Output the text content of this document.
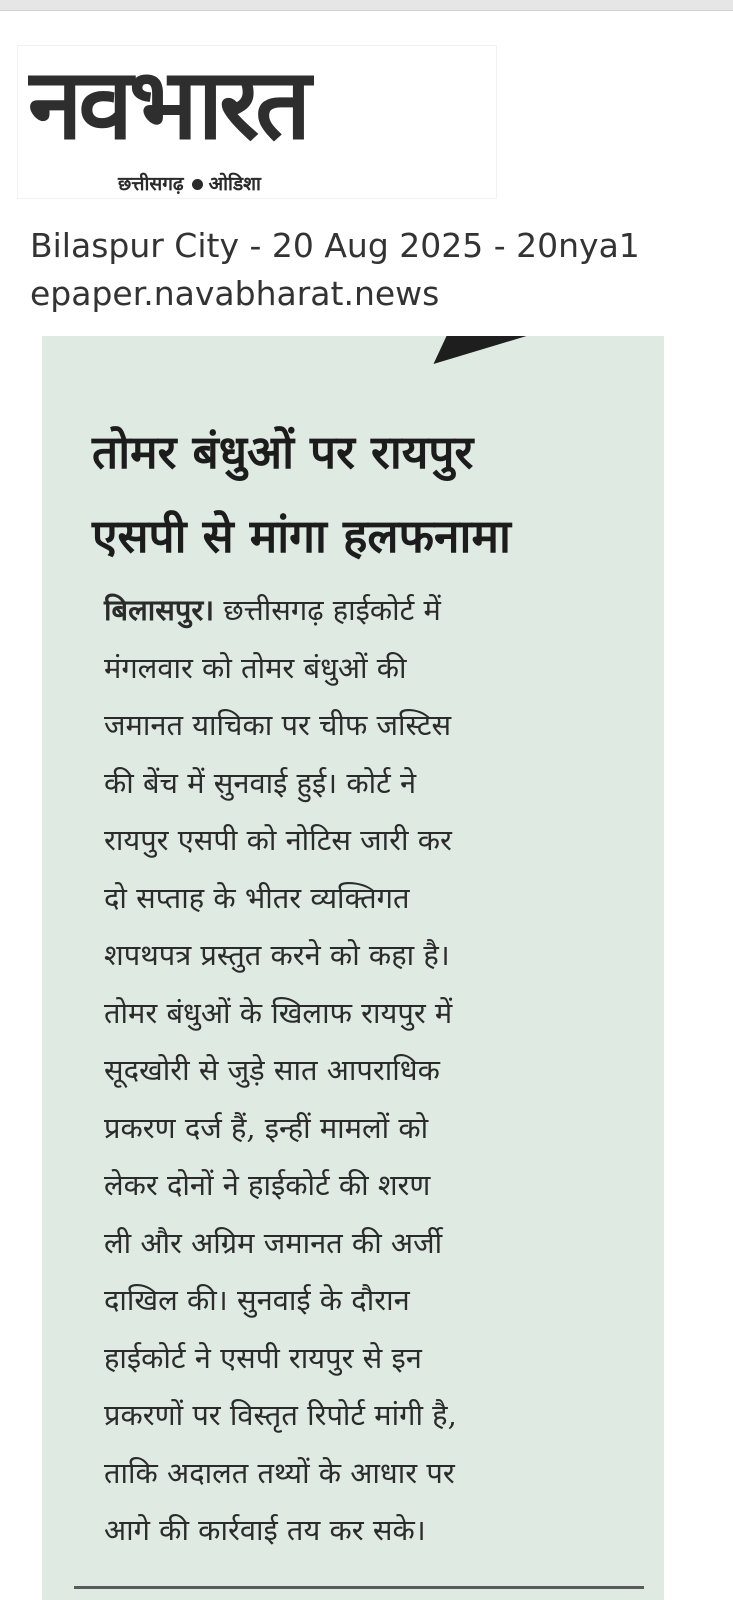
नवभारत
छत्तीसगढ़ ओडिशा
Bilaspur City - 20 Aug 2025 - 20nya1
epaper.navabharat.news
तोमर बंधुओं पर रायपुर
एसपी से मांगा हलफनामा
बिलासपुर। छत्तीसगढ़ हाईकोर्ट में
मंगलवार को तोमर बंधुओं की
जमानत याचिका पर चीफ जस्टिस
की बेंच में सुनवाई हुई। कोर्ट ने
रायपुर एसपी को नोटिस जारी कर
दो सप्ताह के भीतर व्यक्तिगत
शपथपत्र प्रस्तुत करने को कहा है।
तोमर बंधुओं के खिलाफ रायपुर में
सूदखोरी से जुड़े सात आपराधिक
प्रकरण दर्ज हैं, इन्हीं मामलों को
लेकर दोनों ने हाईकोर्ट की शरण
ली और अग्रिम जमानत की अर्जी
दाखिल की। सुनवाई के दौरान
हाईकोर्ट ने एसपी रायपुर से इन
प्रकरणों पर विस्तृत रिपोर्ट मांगी है,
ताकि अदालत तथ्यों के आधार पर
आगे की कार्रवाई तय कर सके।
